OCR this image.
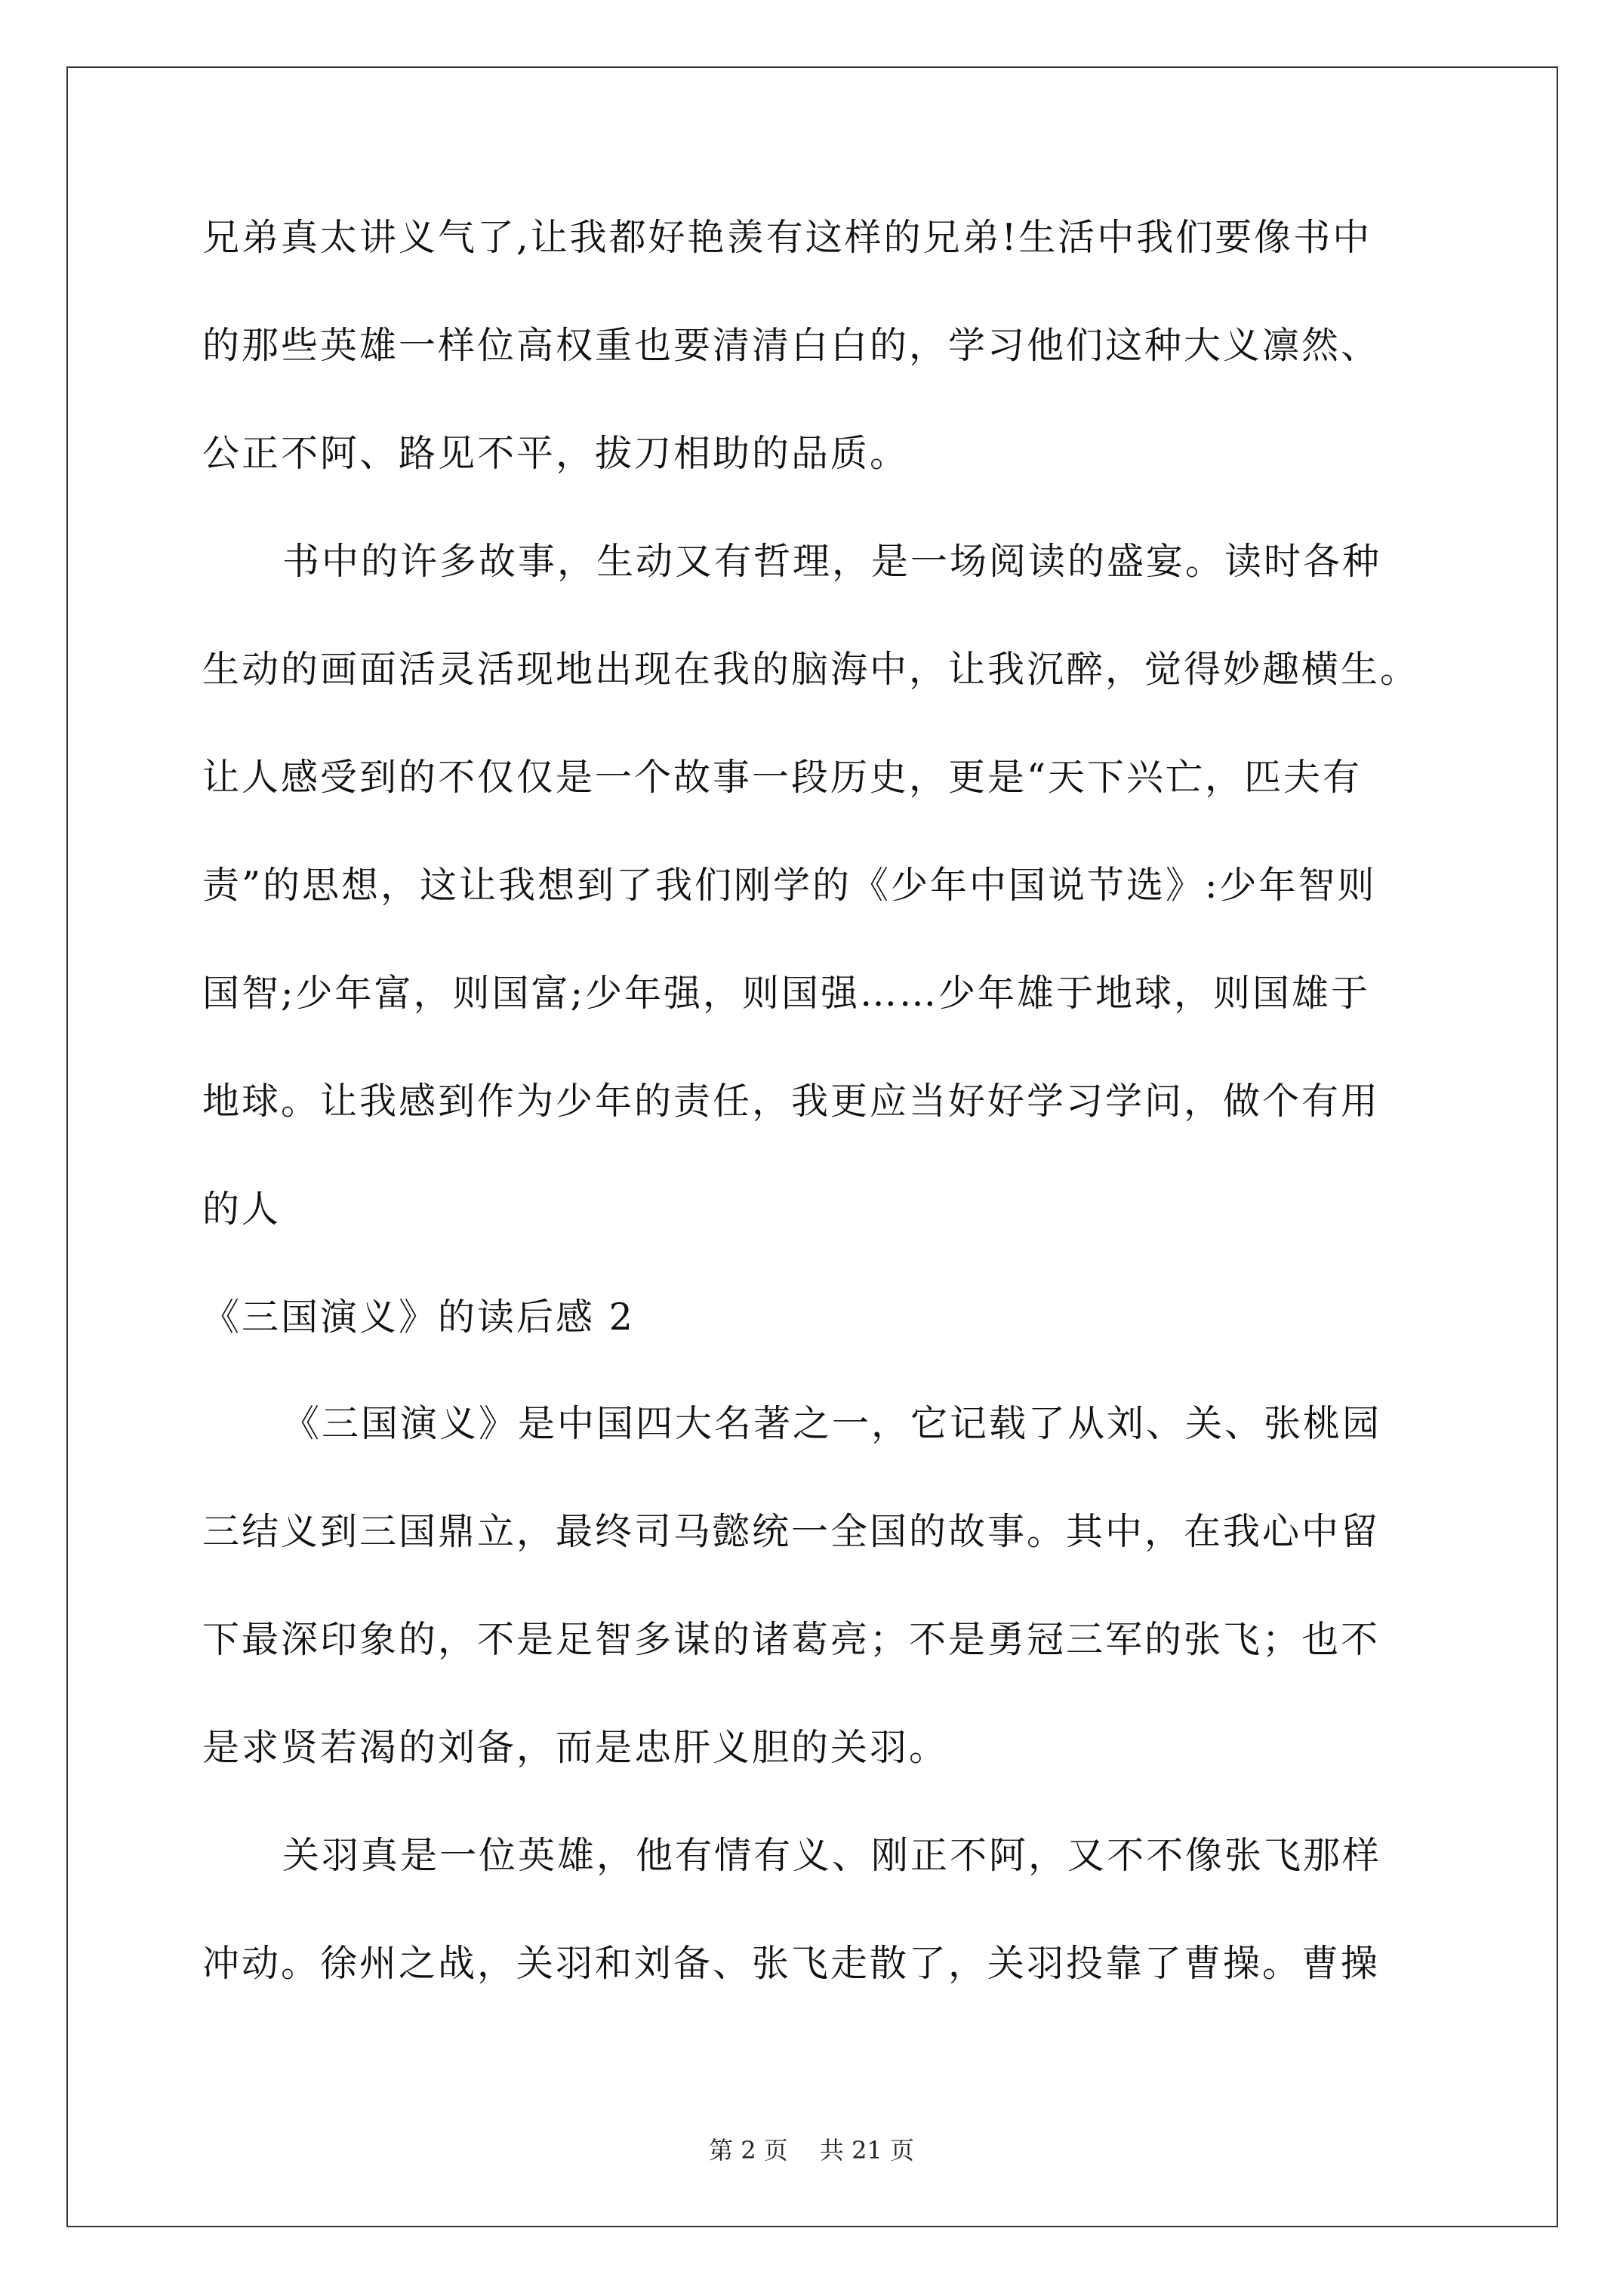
兄弟真太讲义气了,让我都好艳羡有这样的兄弟!生活中我们要像书中
的那些英雄一样位高权重也要清清白白的，学习他们这种大义凛然、
公正不阿、路见不平，拔刀相助的品质。
书中的许多故事，生动又有哲理，是一场阅读的盛宴。读时各种
生动的画面活灵活现地出现在我的脑海中，让我沉醉，觉得妙趣横生。
让人感受到的不仅仅是一个故事一段历史，更是“天下兴亡，匹夫有
责”的思想，这让我想到了我们刚学的《少年中国说节选》:少年智则
国智;少年富，则国富;少年强，则国强……少年雄于地球，则国雄于
地球。让我感到作为少年的责任，我更应当好好学习学问，做个有用
的人
《三国演义》的读后感 2
《三国演义》是中国四大名著之一，它记载了从刘、关、张桃园
三结义到三国鼎立，最终司马懿统一全国的故事。其中，在我心中留
下最深印象的，不是足智多谋的诸葛亮；不是勇冠三军的张飞；也不
是求贤若渴的刘备，而是忠肝义胆的关羽。
关羽真是一位英雄，他有情有义、刚正不阿，又不不像张飞那样
冲动。徐州之战，关羽和刘备、张飞走散了，关羽投靠了曹操。曹操
第 2 页　 共 21 页
